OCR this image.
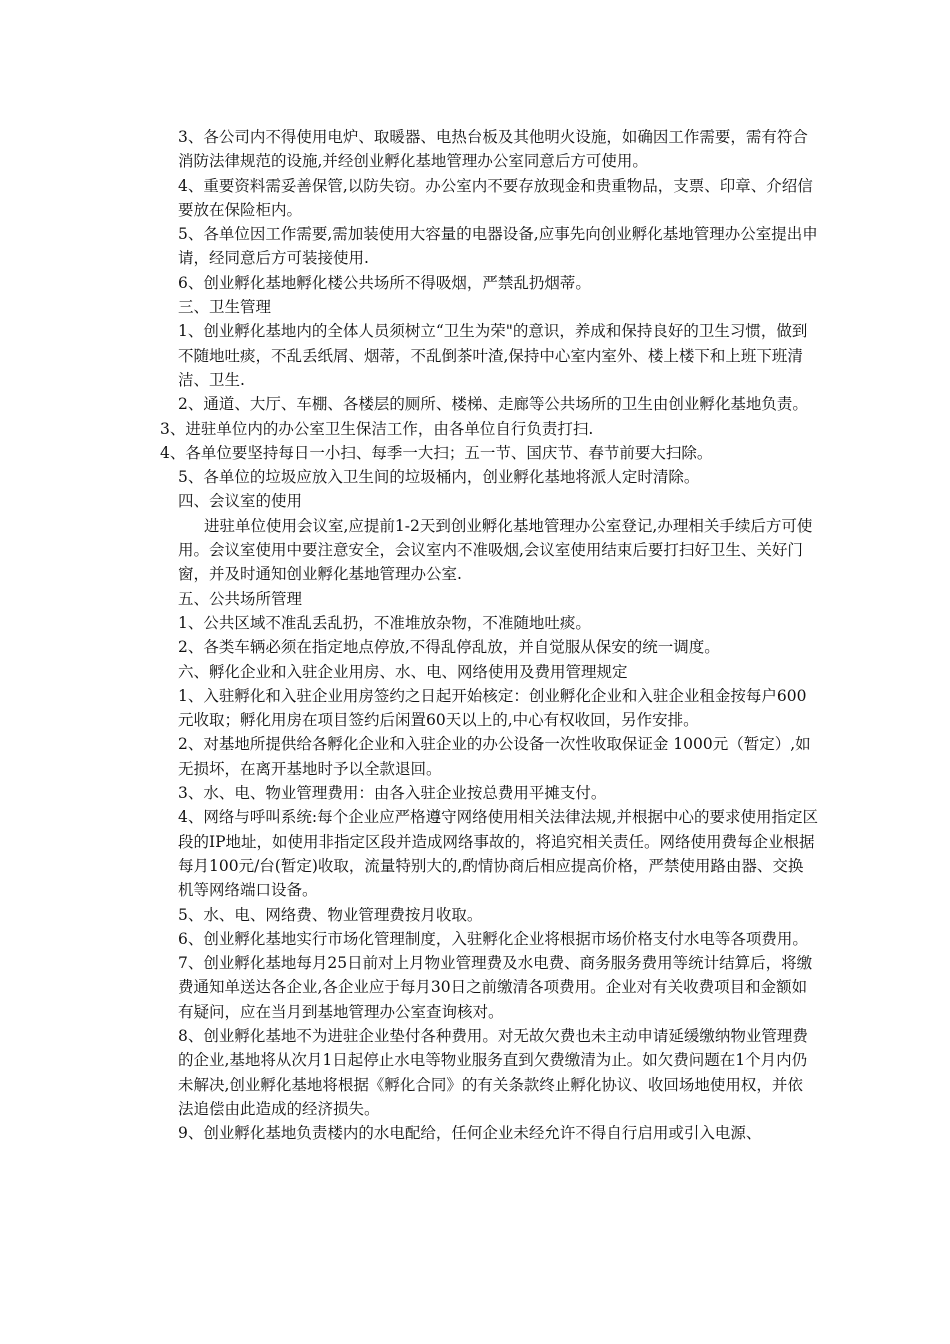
3、各公司内不得使用电炉、取暖器、电热台板及其他明火设施，如确因工作需要，需有符合消防法律规范的设施,并经创业孵化基地管理办公室同意后方可使用。

4、重要资料需妥善保管,以防失窃。办公室内不要存放现金和贵重物品，支票、印章、介绍信要放在保险柜内。

5、各单位因工作需要,需加装使用大容量的电器设备,应事先向创业孵化基地管理办公室提出申请，经同意后方可装接使用.

6、创业孵化基地孵化楼公共场所不得吸烟，严禁乱扔烟蒂。

三、卫生管理

1、创业孵化基地内的全体人员须树立“卫生为荣"的意识，养成和保持良好的卫生习惯，做到不随地吐痰，不乱丢纸屑、烟蒂，不乱倒茶叶渣,保持中心室内室外、楼上楼下和上班下班清洁、卫生.

2、通道、大厅、车棚、各楼层的厕所、楼梯、走廊等公共场所的卫生由创业孵化基地负责。

3、进驻单位内的办公室卫生保洁工作，由各单位自行负责打扫.

4、各单位要坚持每日一小扫、每季一大扫；五一节、国庆节、春节前要大扫除。

5、各单位的垃圾应放入卫生间的垃圾桶内，创业孵化基地将派人定时清除。

四、会议室的使用

进驻单位使用会议室,应提前1-2天到创业孵化基地管理办公室登记,办理相关手续后方可使用。会议室使用中要注意安全，会议室内不准吸烟,会议室使用结束后要打扫好卫生、关好门窗，并及时通知创业孵化基地管理办公室.

五、公共场所管理

1、公共区域不准乱丢乱扔，不准堆放杂物，不准随地吐痰。

2、各类车辆必须在指定地点停放,不得乱停乱放，并自觉服从保安的统一调度。

六、孵化企业和入驻企业用房、水、电、网络使用及费用管理规定

1、入驻孵化和入驻企业用房签约之日起开始核定：创业孵化企业和入驻企业租金按每户600元收取；孵化用房在项目签约后闲置60天以上的,中心有权收回，另作安排。

2、对基地所提供给各孵化企业和入驻企业的办公设备一次性收取保证金 1000元（暂定）,如无损坏，在离开基地时予以全款退回。

3、水、电、物业管理费用：由各入驻企业按总费用平摊支付。

4、网络与呼叫系统:每个企业应严格遵守网络使用相关法律法规,并根据中心的要求使用指定区段的IP地址，如使用非指定区段并造成网络事故的，将追究相关责任。网络使用费每企业根据每月100元/台(暂定)收取，流量特别大的,酌情协商后相应提高价格，严禁使用路由器、交换机等网络端口设备。

5、水、电、网络费、物业管理费按月收取。

6、创业孵化基地实行市场化管理制度，入驻孵化企业将根据市场价格支付水电等各项费用。

7、创业孵化基地每月25日前对上月物业管理费及水电费、商务服务费用等统计结算后，将缴费通知单送达各企业,各企业应于每月30日之前缴清各项费用。企业对有关收费项目和金额如有疑问，应在当月到基地管理办公室查询核对。

8、创业孵化基地不为进驻企业垫付各种费用。对无故欠费也未主动申请延缓缴纳物业管理费的企业,基地将从次月1日起停止水电等物业服务直到欠费缴清为止。如欠费问题在1个月内仍未解决,创业孵化基地将根据《孵化合同》的有关条款终止孵化协议、收回场地使用权，并依法追偿由此造成的经济损失。

9、创业孵化基地负责楼内的水电配给，任何企业未经允许不得自行启用或引入电源、
